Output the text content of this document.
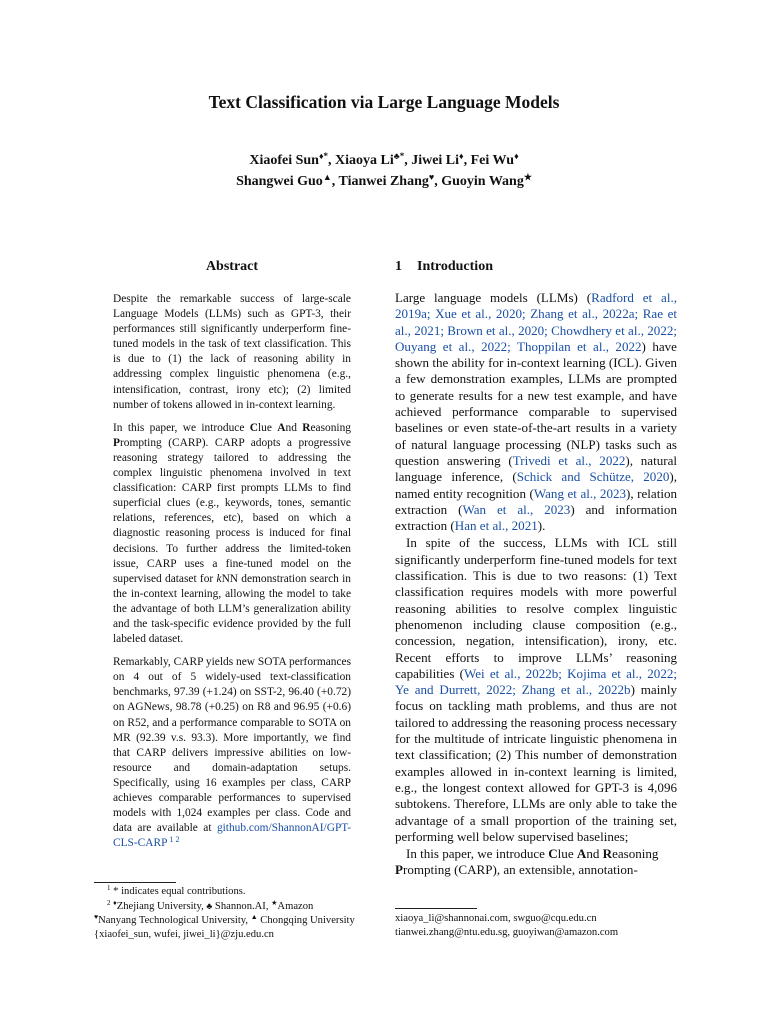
Text Classification via Large Language Models
Xiaofei Sun♦*, Xiaoya Li♣*, Jiwei Li♦, Fei Wu♦
Shangwei Guo▲, Tianwei Zhang♥, Guoyin Wang★
Abstract

Despite the remarkable success of large-scale Language Models (LLMs) such as GPT-3, their performances still significantly underperform fine-tuned models in the task of text classification. This is due to (1) the lack of reasoning ability in addressing complex linguistic phenomena (e.g., intensification, contrast, irony etc); (2) limited number of tokens allowed in in-context learning.

In this paper, we introduce Clue And Reasoning Prompting (CARP). CARP adopts a progressive reasoning strategy tailored to addressing the complex linguistic phenomena involved in text classification: CARP first prompts LLMs to find superficial clues (e.g., keywords, tones, semantic relations, references, etc), based on which a diagnostic reasoning process is induced for final decisions. To further address the limited-token issue, CARP uses a fine-tuned model on the supervised dataset for kNN demonstration search in the in-context learning, allowing the model to take the advantage of both LLM’s generalization ability and the task-specific evidence provided by the full labeled dataset.

Remarkably, CARP yields new SOTA performances on 4 out of 5 widely-used text-classification benchmarks, 97.39 (+1.24) on SST-2, 96.40 (+0.72) on AGNews, 98.78 (+0.25) on R8 and 96.95 (+0.6) on R52, and a performance comparable to SOTA on MR (92.39 v.s. 93.3). More importantly, we find that CARP delivers impressive abilities on low-resource and domain-adaptation setups. Specifically, using 16 examples per class, CARP achieves comparable performances to supervised models with 1,024 examples per class. Code and data are available at github.com/ShannonAI/GPT-CLS-CARP $^{1 2}$

1 Introduction

Large language models (LLMs) (Radford et al., 2019a; Xue et al., 2020; Zhang et al., 2022a; Rae et al., 2021; Brown et al., 2020; Chowdhery et al., 2022; Ouyang et al., 2022; Thoppilan et al., 2022) have shown the ability for in-context learning (ICL). Given a few demonstration examples, LLMs are prompted to generate results for a new test example, and have achieved performance comparable to supervised baselines or even state-of-the-art results in a variety of natural language processing (NLP) tasks such as question answering (Trivedi et al., 2022), natural language inference, (Schick and Schütze, 2020), named entity recognition (Wang et al., 2023), relation extraction (Wan et al., 2023) and information extraction (Han et al., 2021).

In spite of the success, LLMs with ICL still significantly underperform fine-tuned models for text classification. This is due to two reasons: (1) Text classification requires models with more powerful reasoning abilities to resolve complex linguistic phenomenon including clause composition (e.g., concession, negation, intensification), irony, etc. Recent efforts to improve LLMs’ reasoning capabilities (Wei et al., 2022b; Kojima et al., 2022; Ye and Durrett, 2022; Zhang et al., 2022b) mainly focus on tackling math problems, and thus are not tailored to addressing the reasoning process necessary for the multitude of intricate linguistic phenomena in text classification; (2) This number of demonstration examples allowed in in-context learning is limited, e.g., the longest context allowed for GPT-3 is 4,096 subtokens. Therefore, LLMs are only able to take the advantage of a small proportion of the training set, performing well below supervised baselines;

In this paper, we introduce Clue And Reasoning
Prompting (CARP), an extensible, annotation-

$^1$ * indicates equal contributions.
$^2$ ♦Zhejiang University, ♣ Shannon.AI, ★Amazon
♥Nanyang Technological University, ▲ Chongqing University
{xiaofei_sun, wufei, jiwei_li}@zju.edu.cn
xiaoya_li@shannonai.com, swguo@cqu.edu.cn
tianwei.zhang@ntu.edu.sg, guoyiwan@amazon.com
